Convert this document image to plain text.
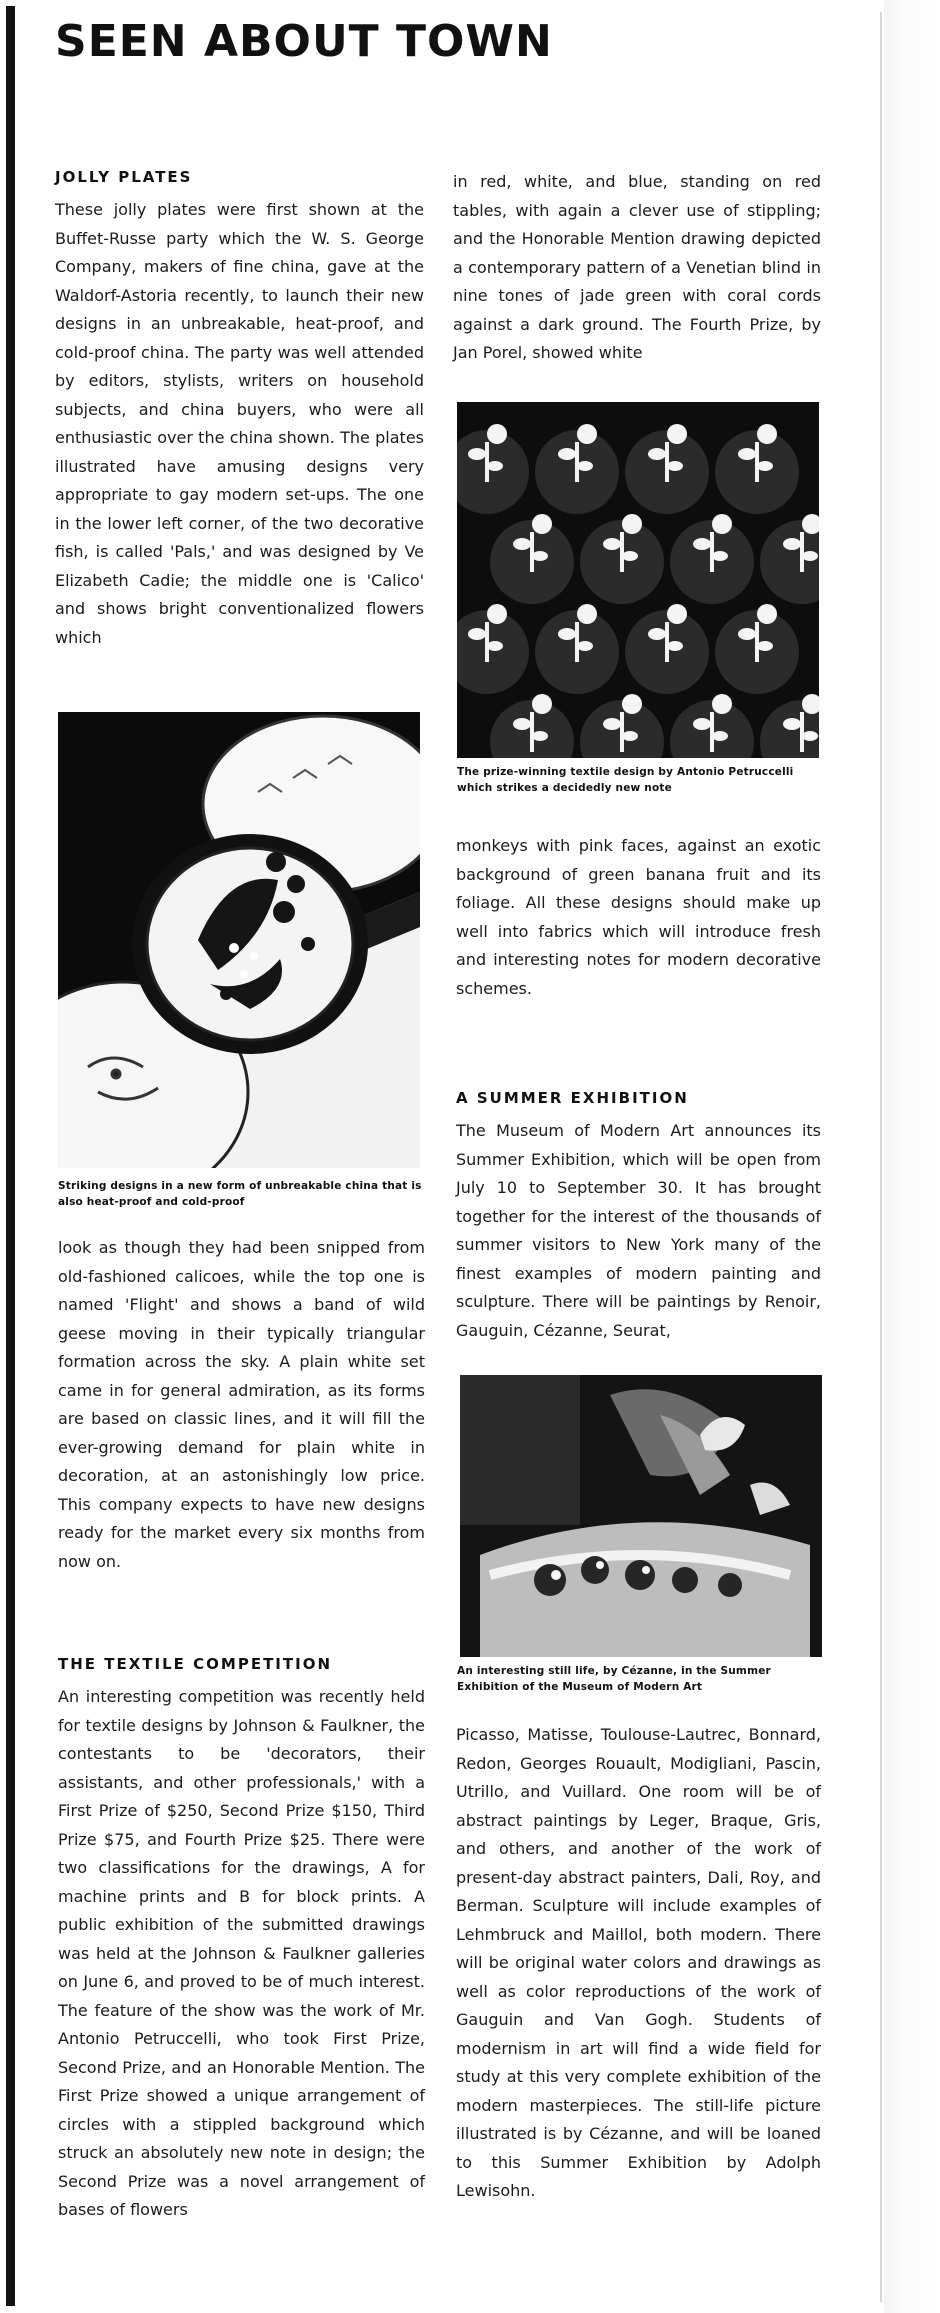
SEEN ABOUT TOWN
JOLLY PLATES
These jolly plates were first shown at the Buffet-Russe party which the W. S. George Company, makers of fine china, gave at the Waldorf-Astoria recently, to launch their new designs in an unbreakable, heat-proof, and cold-proof china. The party was well attended by editors, stylists, writers on household subjects, and china buyers, who were all enthusiastic over the china shown. The plates illustrated have amusing designs very appropriate to gay modern set-ups. The one in the lower left corner, of the two decorative fish, is called 'Pals,' and was designed by Ve Elizabeth Cadie; the middle one is 'Calico' and shows bright conventionalized flowers which
Striking designs in a new form of unbreakable china that is also heat-proof and cold-proof
look as though they had been snipped from old-fashioned calicoes, while the top one is named 'Flight' and shows a band of wild geese moving in their typically triangular formation across the sky. A plain white set came in for general admiration, as its forms are based on classic lines, and it will fill the ever-growing demand for plain white in decoration, at an astonishingly low price. This company expects to have new designs ready for the market every six months from now on.
THE TEXTILE COMPETITION
An interesting competition was recently held for textile designs by Johnson & Faulkner, the contestants to be 'decorators, their assistants, and other professionals,' with a First Prize of $250, Second Prize $150, Third Prize $75, and Fourth Prize $25. There were two classifications for the drawings, A for machine prints and B for block prints. A public exhibition of the submitted drawings was held at the Johnson & Faulkner galleries on June 6, and proved to be of much interest. The feature of the show was the work of Mr. Antonio Petruccelli, who took First Prize, Second Prize, and an Honorable Mention. The First Prize showed a unique arrangement of circles with a stippled background which struck an absolutely new note in design; the Second Prize was a novel arrangement of bases of flowers
in red, white, and blue, standing on red tables, with again a clever use of stippling; and the Honorable Mention drawing depicted a contemporary pattern of a Venetian blind in nine tones of jade green with coral cords against a dark ground. The Fourth Prize, by Jan Porel, showed white
The prize-winning textile design by Antonio Petruccelli which strikes a decidedly new note
monkeys with pink faces, against an exotic background of green banana fruit and its foliage. All these designs should make up well into fabrics which will introduce fresh and interesting notes for modern decorative schemes.
A SUMMER EXHIBITION
The Museum of Modern Art announces its Summer Exhibition, which will be open from July 10 to September 30. It has brought together for the interest of the thousands of summer visitors to New York many of the finest examples of modern painting and sculpture. There will be paintings by Renoir, Gauguin, Cézanne, Seurat,
An interesting still life, by Cézanne, in the Summer Exhibition of the Museum of Modern Art
Picasso, Matisse, Toulouse-Lautrec, Bonnard, Redon, Georges Rouault, Modigliani, Pascin, Utrillo, and Vuillard. One room will be of abstract paintings by Leger, Braque, Gris, and others, and another of the work of present-day abstract painters, Dali, Roy, and Berman. Sculpture will include examples of Lehmbruck and Maillol, both modern. There will be original water colors and drawings as well as color reproductions of the work of Gauguin and Van Gogh. Students of modernism in art will find a wide field for study at this very complete exhibition of the modern masterpieces. The still-life picture illustrated is by Cézanne, and will be loaned to this Summer Exhibition by Adolph Lewisohn.
